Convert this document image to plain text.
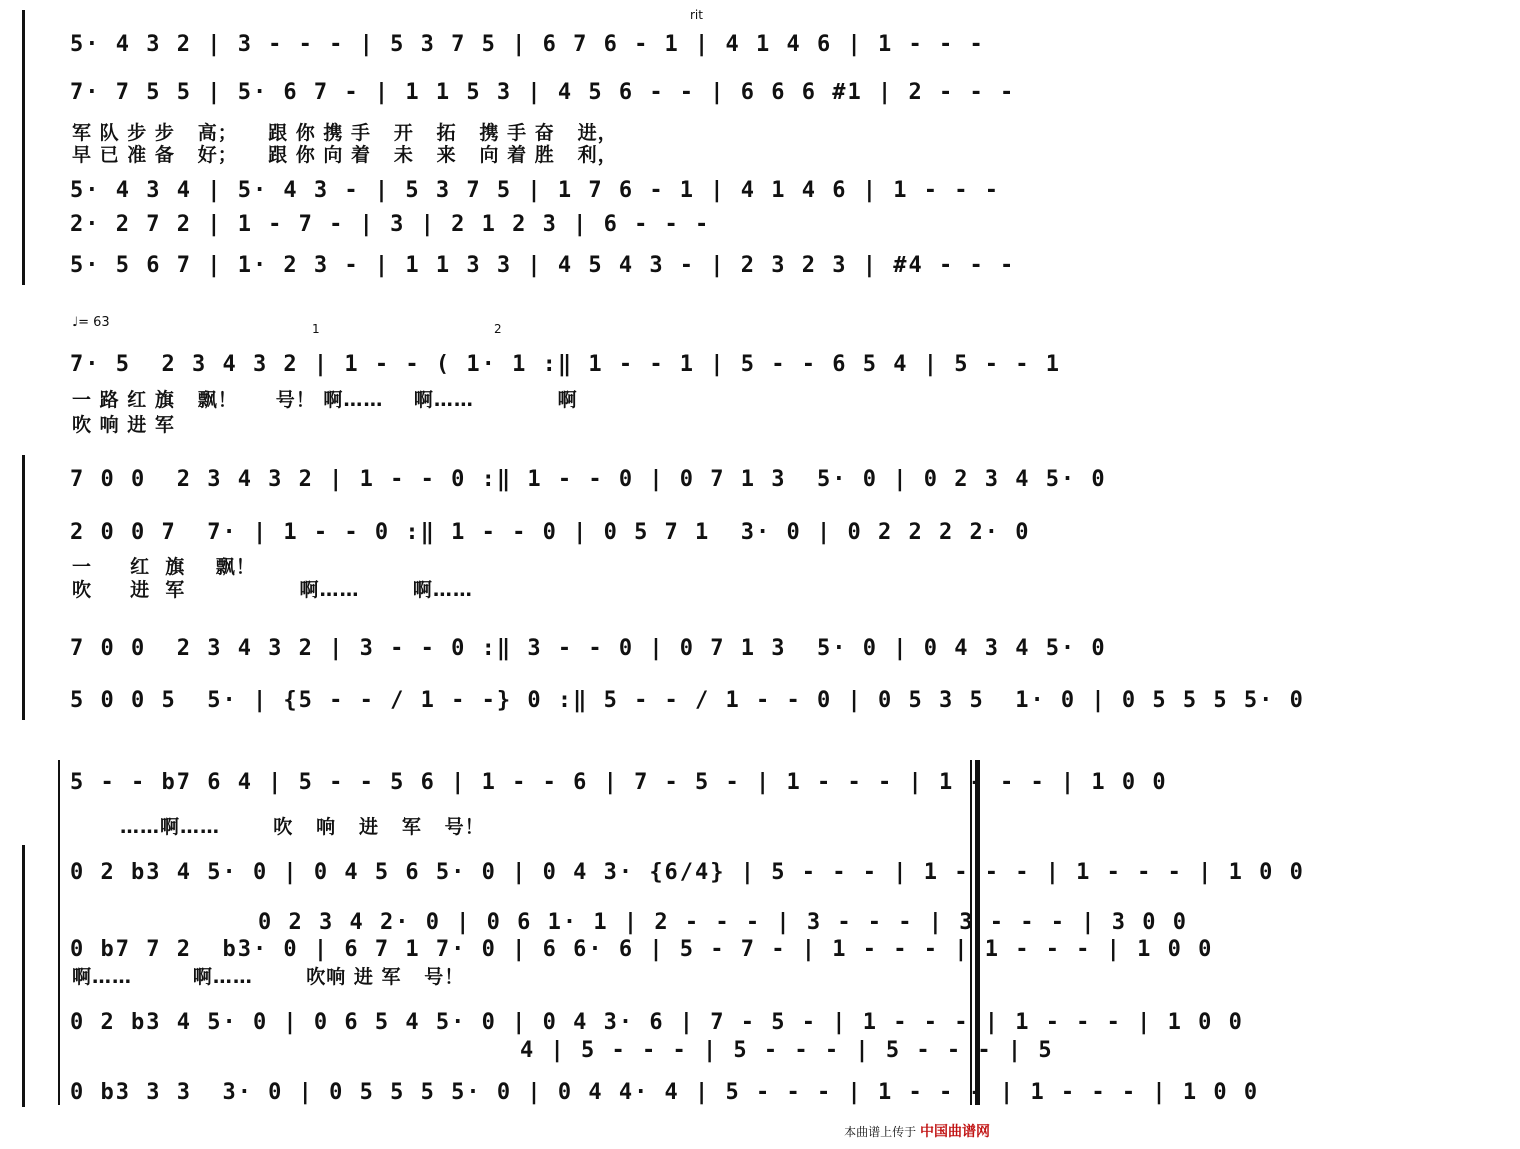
rit
5· 4 3 2 | 3 - - - | 5 3 7 5 | 6 7 6 - 1 | 4 1 4 6 | 1 - - -
7· 7 5 5 | 5· 6 7 - | 1 1 5 3 | 4 5 6 - - | 6 6 6 #1 | 2 - - -
军 队 步 步   高；    跟 你 携 手   开   拓   携 手 奋   进，
早 已 准 备   好；    跟 你 向 着   未   来   向 着 胜   利，
5· 4 3 4 | 5· 4 3 - | 5 3 7 5 | 1 7 6 - 1 | 4 1 4 6 | 1 - - -
2· 2 7 2 | 1 - 7 - | 3 | 2 1 2 3 | 6 - - -
5· 5 6 7 | 1· 2 3 - | 1 1 3 3 | 4 5 4 3 - | 2 3 2 3 | #4 - - -
♩= 63	1	2
7· 5  2 3 4 3 2 | 1 - - ( 1· 1 :‖ 1 - - 1 | 5 - - 6 5 4 | 5 - - 1
一 路 红 旗   飘！     号！ 啊……    啊……           啊
吹 响 进 军
7 0 0  2 3 4 3 2 | 1 - - 0 :‖ 1 - - 0 | 0 7 1 3  5· 0 | 0 2 3 4 5· 0
2 0 0 7  7· | 1 - - 0 :‖ 1 - - 0 | 0 5 7 1  3· 0 | 0 2 2 2 2· 0
一     红  旗    飘！
吹     进  军               啊……       啊……
7 0 0  2 3 4 3 2 | 3 - - 0 :‖ 3 - - 0 | 0 7 1 3  5· 0 | 0 4 3 4 5· 0
5 0 0 5  5· | {5 - - / 1 - -} 0 :‖ 5 - - / 1 - - 0 | 0 5 3 5  1· 0 | 0 5 5 5 5· 0
5 - - b7 6 4 | 5 - - 5 6 | 1 - - 6 | 7 - 5 - | 1 - - - | 1 - - - | 1 0 0
……啊……       吹   响   进   军   号！
0 2 b3 4 5· 0 | 0 4 5 6 5· 0 | 0 4 3· {6/4} | 5 - - - | 1 - - - | 1 - - - | 1 0 0
0 2 3 4 2· 0 | 0 6 1· 1 | 2 - - - | 3 - - - | 3 - - - | 3 0 0
0 b7 7 2  b3· 0 | 6 7 1 7· 0 | 6 6· 6 | 5 - 7 - | 1 - - - | 1 - - - | 1 0 0
啊……        啊……       吹响 进 军   号！
0 2 b3 4 5· 0 | 0 6 5 4 5· 0 | 0 4 3· 6 | 7 - 5 - | 1 - - - | 1 - - - | 1 0 0
4 | 5 - - - | 5 - - - | 5 - - - | 5
0 b3 3 3  3· 0 | 0 5 5 5 5· 0 | 0 4 4· 4 | 5 - - - | 1 - - - | 1 - - - | 1 0 0
本曲谱上传于 中国曲谱网
